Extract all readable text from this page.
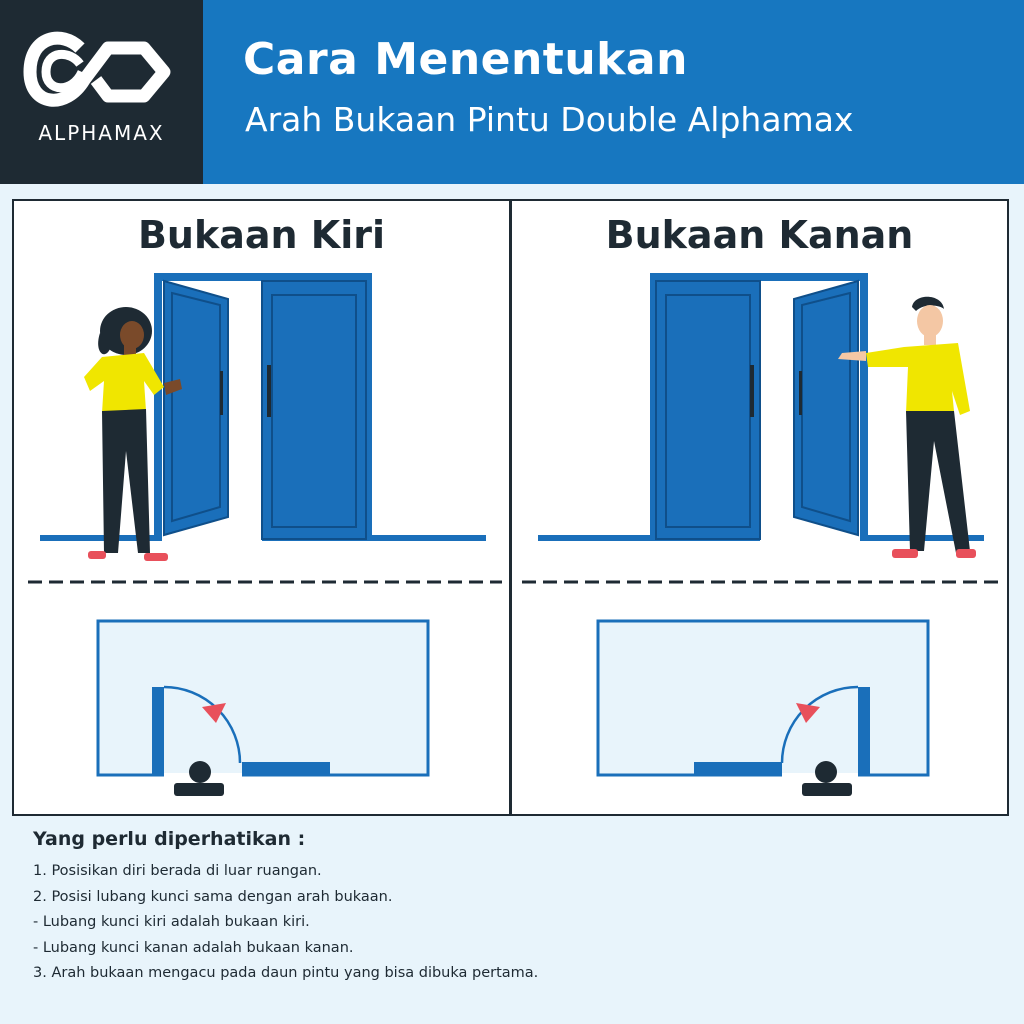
ALPHAMAX
Cara Menentukan
Arah Bukaan Pintu Double Alphamax
Bukaan Kiri	Bukaan Kanan
Yang perlu diperhatikan :
1. Posisikan diri berada di luar ruangan.
2. Posisi lubang kunci sama dengan arah bukaan.
- Lubang kunci kiri adalah bukaan kiri.
- Lubang kunci kanan adalah bukaan kanan.
3. Arah bukaan mengacu pada daun pintu yang bisa dibuka pertama.
